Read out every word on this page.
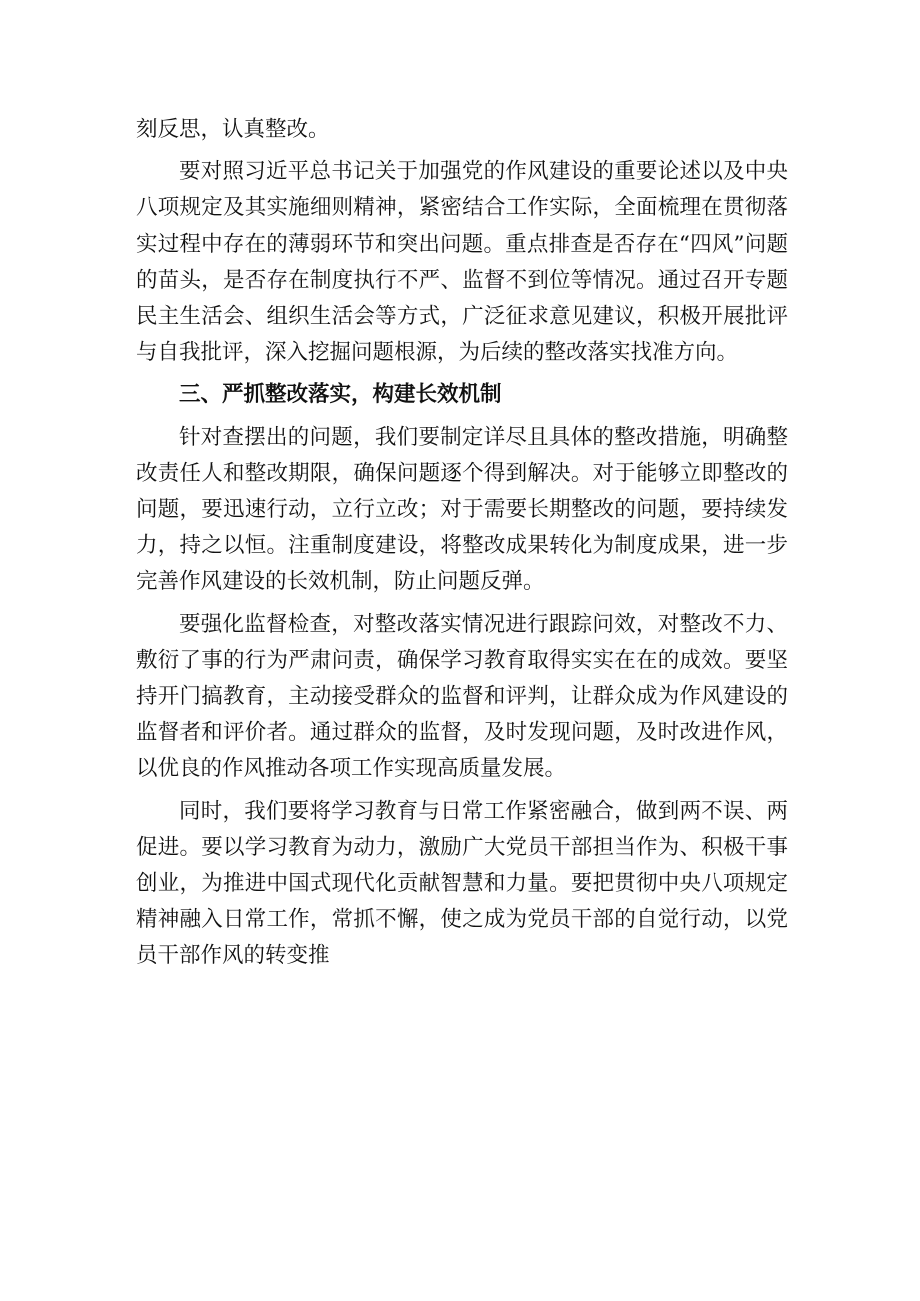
刻反思，认真整改。

要对照习近平总书记关于加强党的作风建设的重要论述以及中央八项规定及其实施细则精神，紧密结合工作实际，全面梳理在贯彻落实过程中存在的薄弱环节和突出问题。重点排查是否存在“四风”问题的苗头，是否存在制度执行不严、监督不到位等情况。通过召开专题民主生活会、组织生活会等方式，广泛征求意见建议，积极开展批评与自我批评，深入挖掘问题根源，为后续的整改落实找准方向。

三、严抓整改落实，构建长效机制

针对查摆出的问题，我们要制定详尽且具体的整改措施，明确整改责任人和整改期限，确保问题逐个得到解决。对于能够立即整改的问题，要迅速行动，立行立改；对于需要长期整改的问题，要持续发力，持之以恒。注重制度建设，将整改成果转化为制度成果，进一步完善作风建设的长效机制，防止问题反弹。

要强化监督检查，对整改落实情况进行跟踪问效，对整改不力、敷衍了事的行为严肃问责，确保学习教育取得实实在在的成效。要坚持开门搞教育，主动接受群众的监督和评判，让群众成为作风建设的监督者和评价者。通过群众的监督，及时发现问题，及时改进作风，以优良的作风推动各项工作实现高质量发展。

同时，我们要将学习教育与日常工作紧密融合，做到两不误、两促进。要以学习教育为动力，激励广大党员干部担当作为、积极干事创业，为推进中国式现代化贡献智慧和力量。要把贯彻中央八项规定精神融入日常工作，常抓不懈，使之成为党员干部的自觉行动，以党员干部作风的转变推
